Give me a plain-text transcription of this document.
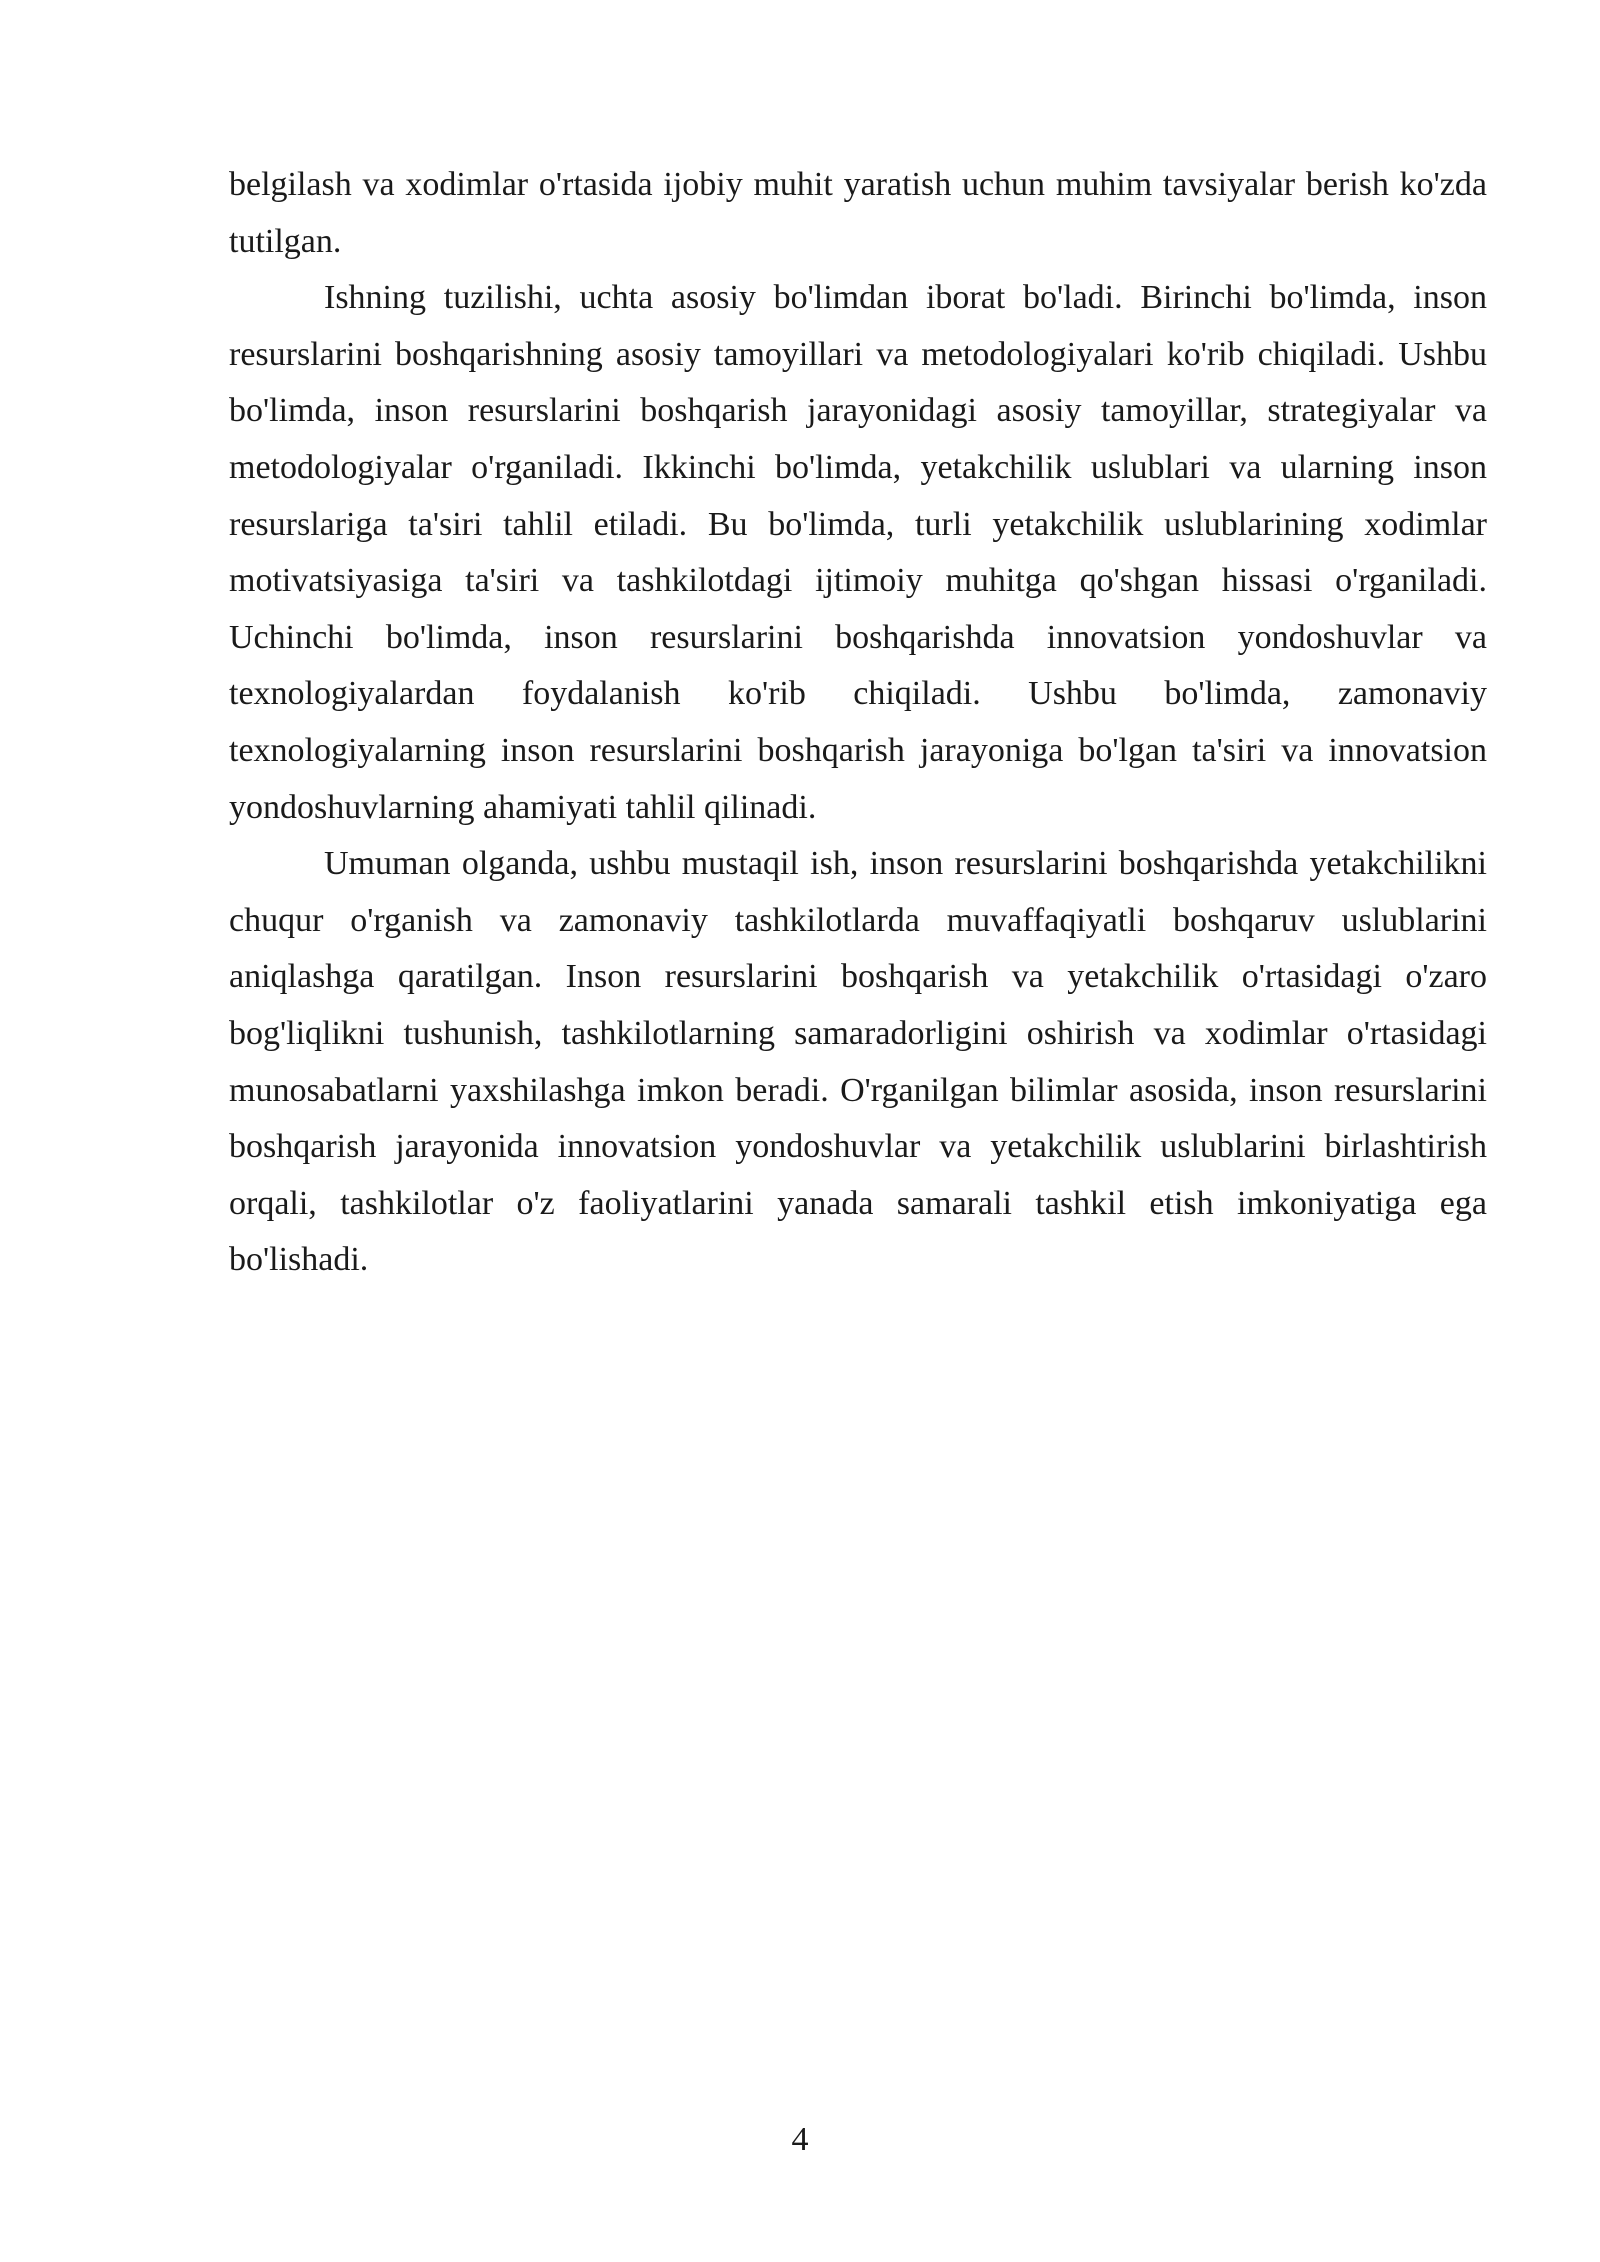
belgilash va xodimlar o'rtasida ijobiy muhit yaratish uchun muhim tavsiyalar berish ko'zda tutilgan.

Ishning tuzilishi, uchta asosiy bo'limdan iborat bo'ladi. Birinchi bo'limda, inson resurslarini boshqarishning asosiy tamoyillari va metodologiyalari ko'rib chiqiladi. Ushbu bo'limda, inson resurslarini boshqarish jarayonidagi asosiy tamoyillar, strategiyalar va metodologiyalar o'rganiladi. Ikkinchi bo'limda, yetakchilik uslublari va ularning inson resurslariga ta'siri tahlil etiladi. Bu bo'limda, turli yetakchilik uslublarining xodimlar motivatsiyasiga ta'siri va tashkilotdagi ijtimoiy muhitga qo'shgan hissasi o'rganiladi. Uchinchi bo'limda, inson resurslarini boshqarishda innovatsion yondoshuvlar va texnologiyalardan foydalanish ko'rib chiqiladi. Ushbu bo'limda, zamonaviy texnologiyalarning inson resurslarini boshqarish jarayoniga bo'lgan ta'siri va innovatsion yondoshuvlarning ahamiyati tahlil qilinadi.

Umuman olganda, ushbu mustaqil ish, inson resurslarini boshqarishda yetakchilikni chuqur o'rganish va zamonaviy tashkilotlarda muvaffaqiyatli boshqaruv uslublarini aniqlashga qaratilgan. Inson resurslarini boshqarish va yetakchilik o'rtasidagi o'zaro bog'liqlikni tushunish, tashkilotlarning samaradorligini oshirish va xodimlar o'rtasidagi munosabatlarni yaxshilashga imkon beradi. O'rganilgan bilimlar asosida, inson resurslarini boshqarish jarayonida innovatsion yondoshuvlar va yetakchilik uslublarini birlashtirish orqali, tashkilotlar o'z faoliyatlarini yanada samarali tashkil etish imkoniyatiga ega bo'lishadi.

4
